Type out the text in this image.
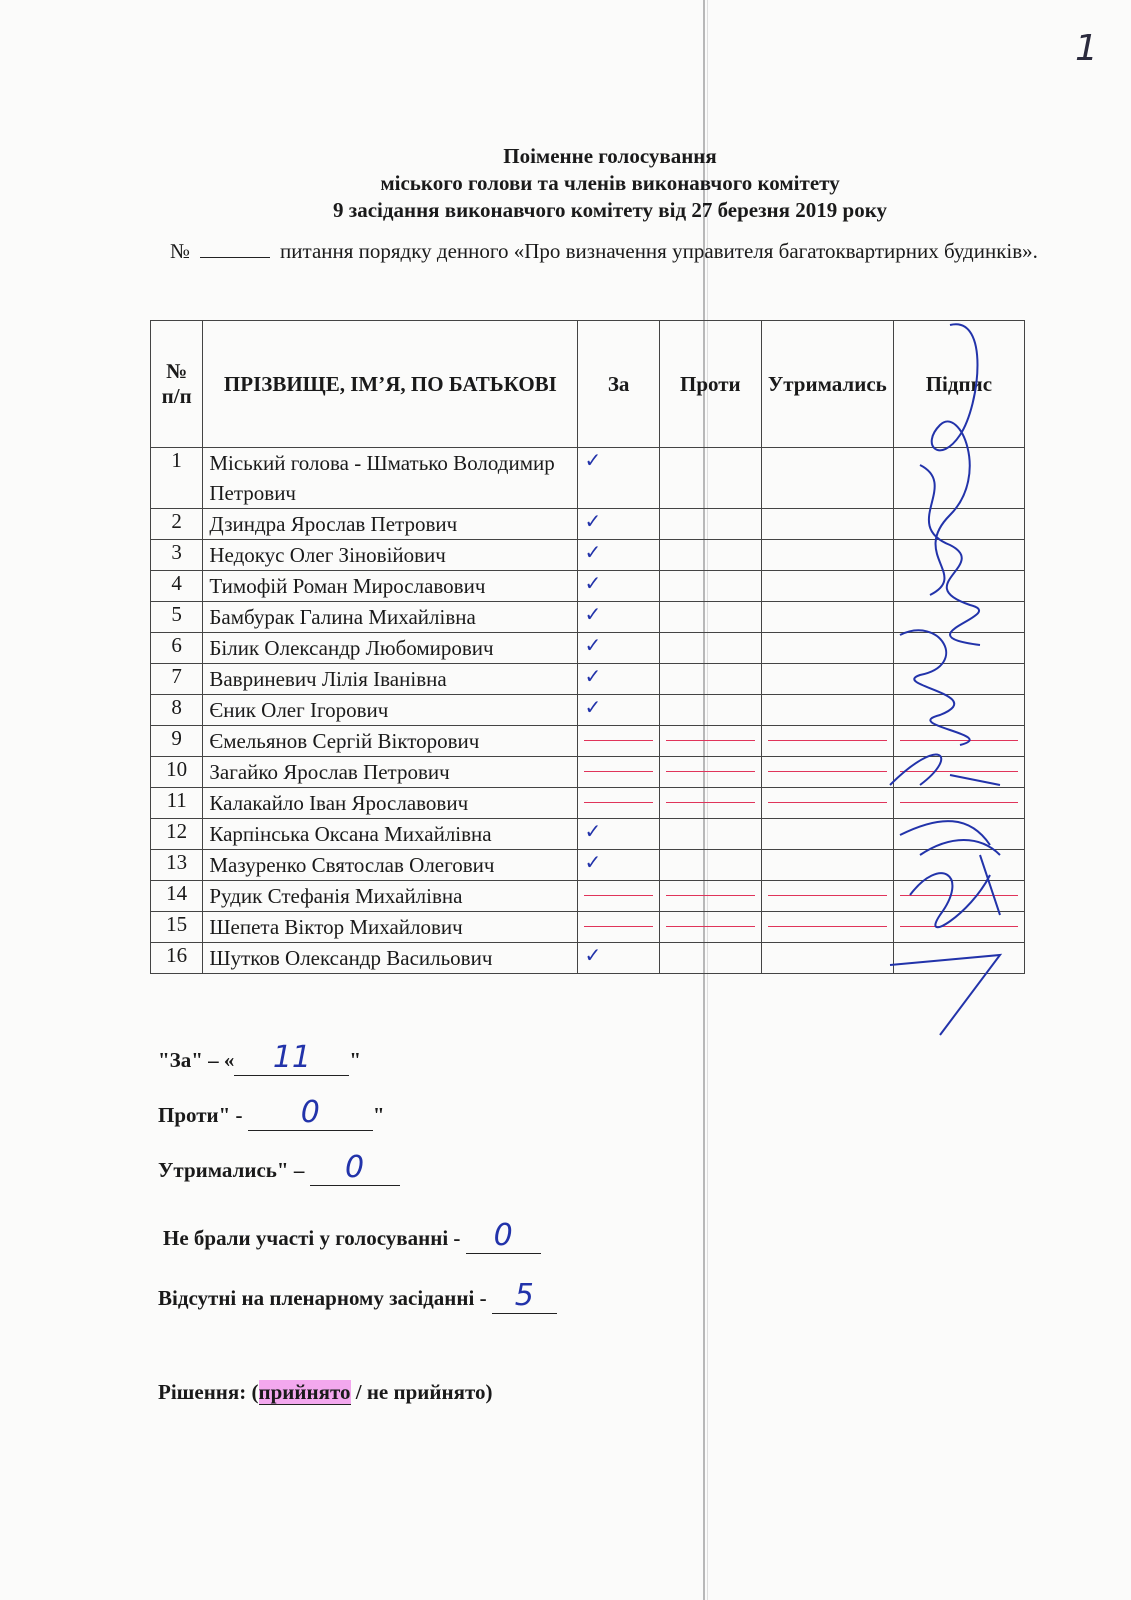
1
Поіменне голосування
міського голови та членів виконавчого комітету
9 засідання виконавчого комітету від 27 березня 2019 року
№	питання порядку денного «Про визначення управителя багатоквартирних будинків».
№ п/п	ПРІЗВИЩЕ, ІМ’Я, ПО БАТЬКОВІ	За	Проти	Утримались	Підпис
1	Міський голова - Шматько Володимир Петрович	✓			
2	Дзиндра Ярослав Петрович	✓			
3	Недокус Олег Зіновійович	✓			
4	Тимофій Роман Мирославович	✓			
5	Бамбурак Галина Михайлівна	✓			
6	Білик Олександр Любомирович	✓			
7	Вавриневич Лілія Іванівна	✓			
8	Єник Олег Ігорович	✓			
9	Ємельянов Сергій Вікторович	

10	Загайко Ярослав Петрович	

11	Калакайло Іван Ярославович	

12	Карпінська Оксана Михайлівна	✓			
13	Мазуренко Святослав Олегович	✓			
14	Рудик Стефанія Михайлівна	

15	Шепета Віктор Михайлович	

16	Шутков Олександр Васильович	✓			
"За" – « 11 "
Проти" - 0	"
Утримались" – 0
Не брали участі у голосуванні - 0
Відсутні на пленарному засіданні - 5
Рішення: (прийнято / не прийнято)
